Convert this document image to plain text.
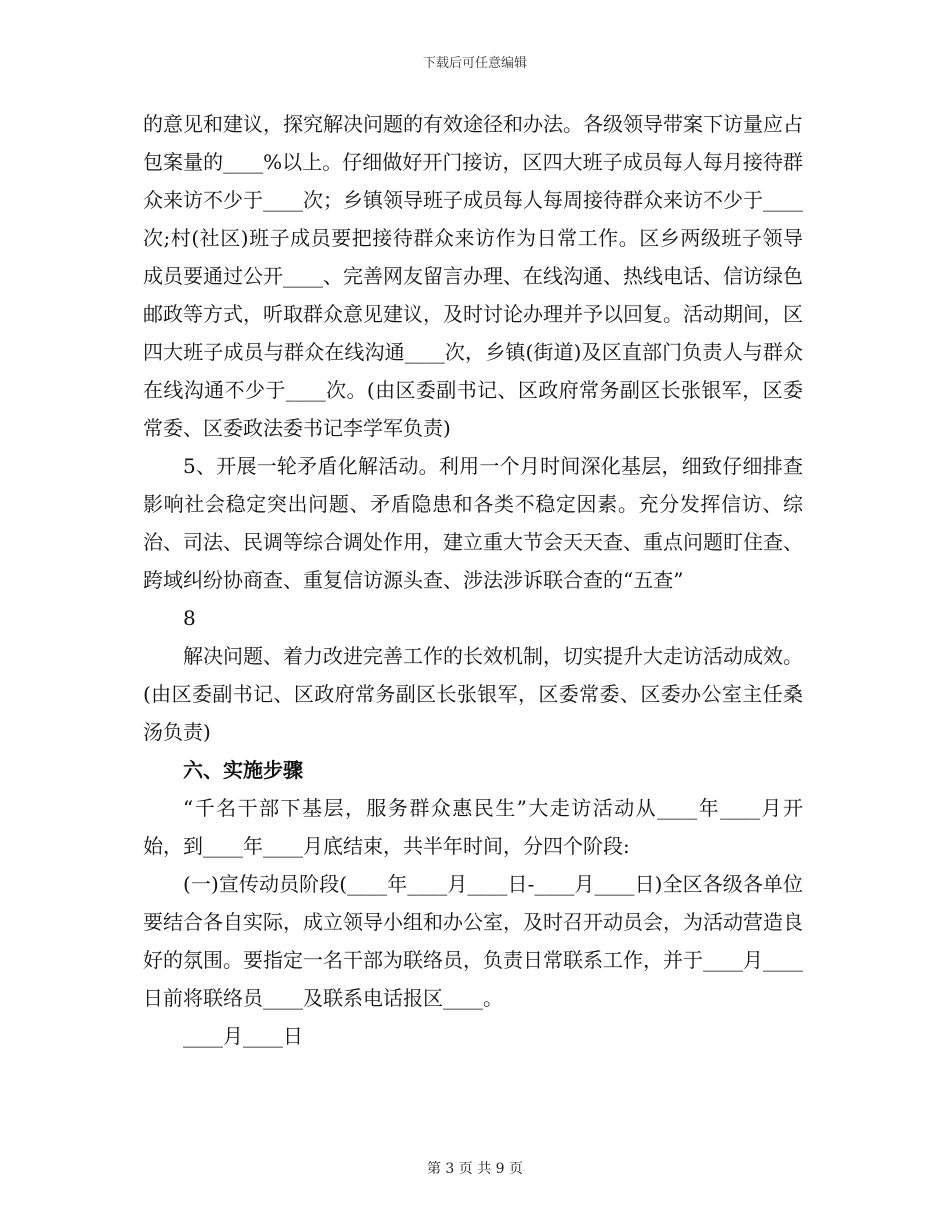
下载后可任意编辑

的意见和建议，探究解决问题的有效途径和办法。各级领导带案下访量应占包案量的____%以上。仔细做好开门接访，区四大班子成员每人每月接待群众来访不少于____次；乡镇领导班子成员每人每周接待群众来访不少于____次;村(社区)班子成员要把接待群众来访作为日常工作。区乡两级班子领导成员要通过公开____、完善网友留言办理、在线沟通、热线电话、信访绿色邮政等方式，听取群众意见建议，及时讨论办理并予以回复。活动期间，区四大班子成员与群众在线沟通____次，乡镇(街道)及区直部门负责人与群众在线沟通不少于____次。(由区委副书记、区政府常务副区长张银军，区委常委、区委政法委书记李学军负责)

5、开展一轮矛盾化解活动。利用一个月时间深化基层，细致仔细排查影响社会稳定突出问题、矛盾隐患和各类不稳定因素。充分发挥信访、综治、司法、民调等综合调处作用，建立重大节会天天查、重点问题盯住查、跨域纠纷协商查、重复信访源头查、涉法涉诉联合查的“五查”

8

解决问题、着力改进完善工作的长效机制，切实提升大走访活动成效。(由区委副书记、区政府常务副区长张银军，区委常委、区委办公室主任桑汤负责)

六、实施步骤

“千名干部下基层，服务群众惠民生”大走访活动从____年____月开始，到____年____月底结束，共半年时间，分四个阶段:

(一)宣传动员阶段(____年____月____日-____月____日)全区各级各单位要结合各自实际，成立领导小组和办公室，及时召开动员会，为活动营造良好的氛围。要指定一名干部为联络员，负责日常联系工作，并于____月____日前将联络员____及联系电话报区____。

____月____日

第 3 页 共 9 页
